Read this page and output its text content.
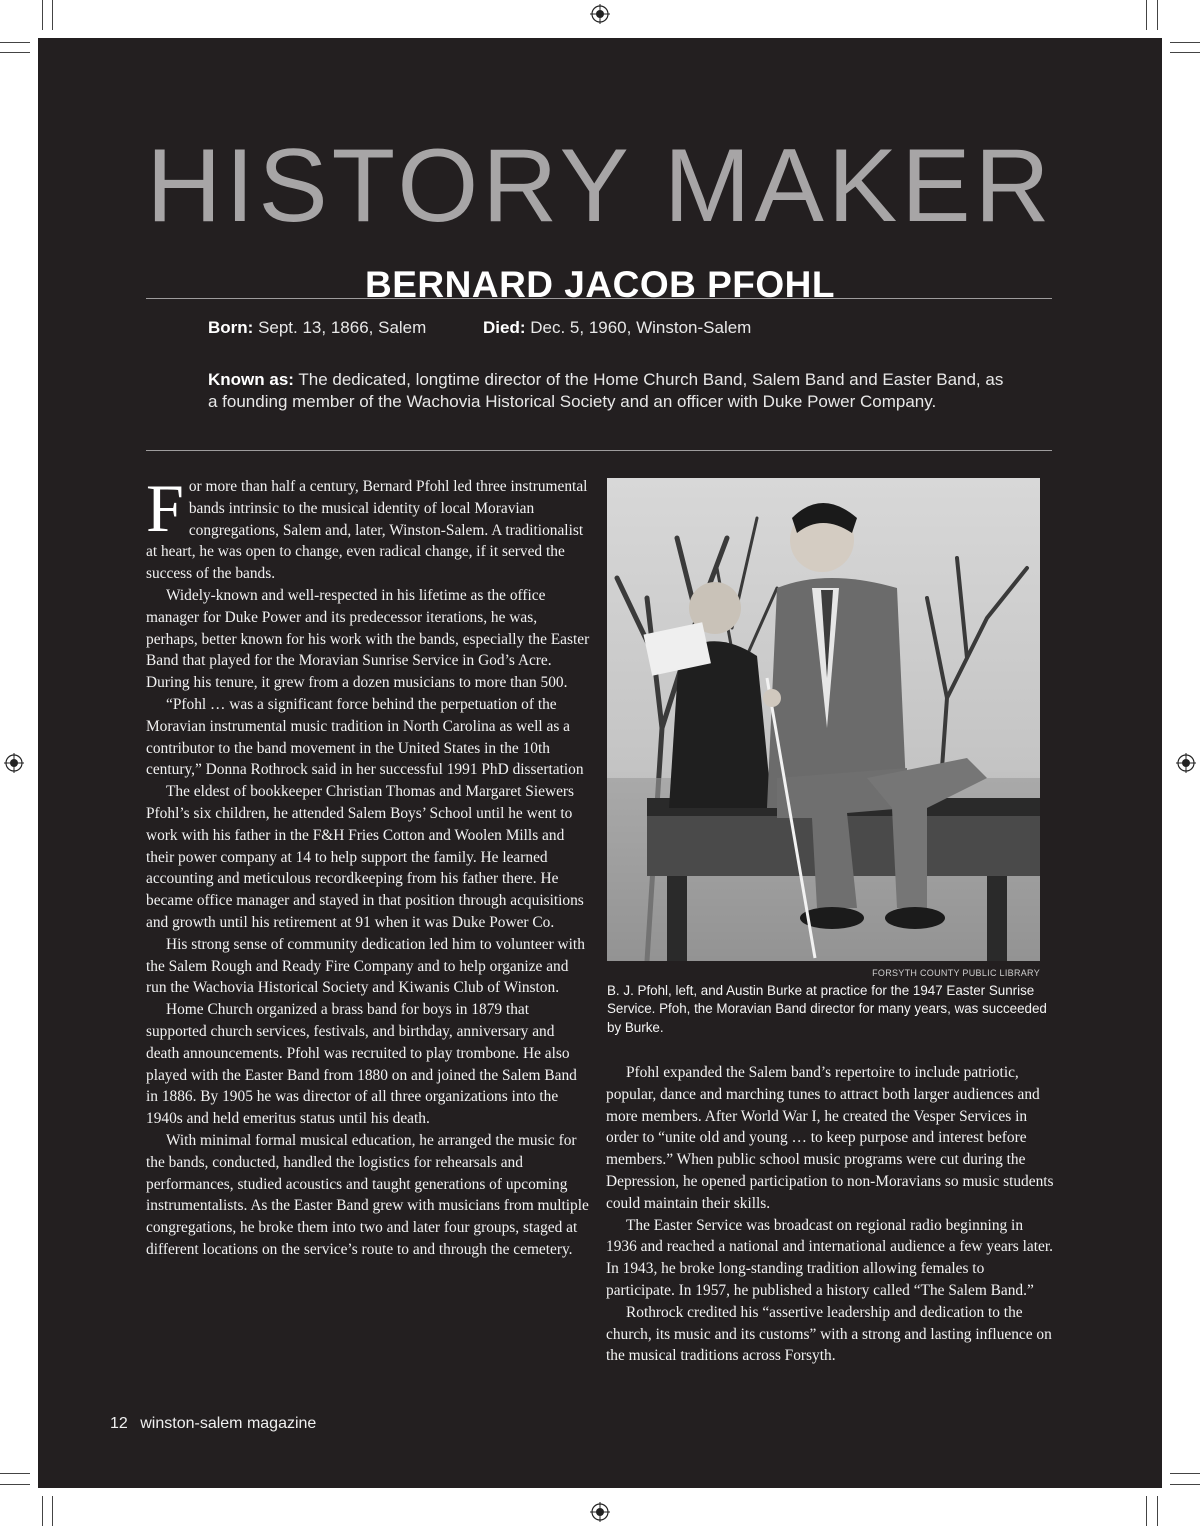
HISTORY MAKER
BERNARD JACOB PFOHL
Born: Sept. 13, 1866, Salem	Died: Dec. 5, 1960, Winston-Salem
Known as: The dedicated, longtime director of the Home Church Band, Salem Band and Easter Band, as a founding member of the Wachovia Historical Society and an officer with Duke Power Company.

For more than half a century, Bernard Pfohl led three instrumental bands intrinsic to the musical identity of local Moravian congregations, Salem and, later, Winston-Salem. A traditionalist at heart, he was open to change, even radical change, if it served the success of the bands.

Widely-known and well-respected in his lifetime as the office manager for Duke Power and its predecessor iterations, he was, perhaps, better known for his work with the bands, especially the Easter Band that played for the Moravian Sunrise Service in God’s Acre. During his tenure, it grew from a dozen musicians to more than 500.

“Pfohl … was a significant force behind the perpetuation of the Moravian instrumental music tradition in North Carolina as well as a contributor to the band movement in the United States in the 10th century,” Donna Rothrock said in her successful 1991 PhD dissertation

The eldest of bookkeeper Christian Thomas and Margaret Siewers Pfohl’s six children, he attended Salem Boys’ School until he went to work with his father in the F&H Fries Cotton and Woolen Mills and their power company at 14 to help support the family. He learned accounting and meticulous recordkeeping from his father there. He became office manager and stayed in that position through acquisitions and growth until his retirement at 91 when it was Duke Power Co.

His strong sense of community dedication led him to volunteer with the Salem Rough and Ready Fire Company and to help organize and run the Wachovia Historical Society and Kiwanis Club of Winston.

Home Church organized a brass band for boys in 1879 that supported church services, festivals, and birthday, anniversary and death announcements. Pfohl was recruited to play trombone. He also played with the Easter Band from 1880 on and joined the Salem Band in 1886. By 1905 he was director of all three organizations into the 1940s and held emeritus status until his death.

With minimal formal musical education, he arranged the music for the bands, conducted, handled the logistics for rehearsals and performances, studied acoustics and taught generations of upcoming instrumentalists. As the Easter Band grew with musicians from multiple congregations, he broke them into two and later four groups, staged at different locations on the service’s route to and through the cemetery.

FORSYTH COUNTY PUBLIC LIBRARY
B. J. Pfohl, left, and Austin Burke at practice for the 1947 Easter Sunrise Service. Pfoh, the Moravian Band director for many years, was succeeded by Burke.

Pfohl expanded the Salem band’s repertoire to include patriotic, popular, dance and marching tunes to attract both larger audiences and more members. After World War I, he created the Vesper Services in order to “unite old and young … to keep purpose and interest before members.” When public school music programs were cut during the Depression, he opened participation to non-Moravians so music students could maintain their skills.

The Easter Service was broadcast on regional radio beginning in 1936 and reached a national and international audience a few years later. In 1943, he broke long-standing tradition allowing females to participate. In 1957, he published a history called “The Salem Band.”

Rothrock credited his “assertive leadership and dedication to the church, its music and its customs” with a strong and lasting influence on the musical traditions across Forsyth.

12 winston-salem magazine
